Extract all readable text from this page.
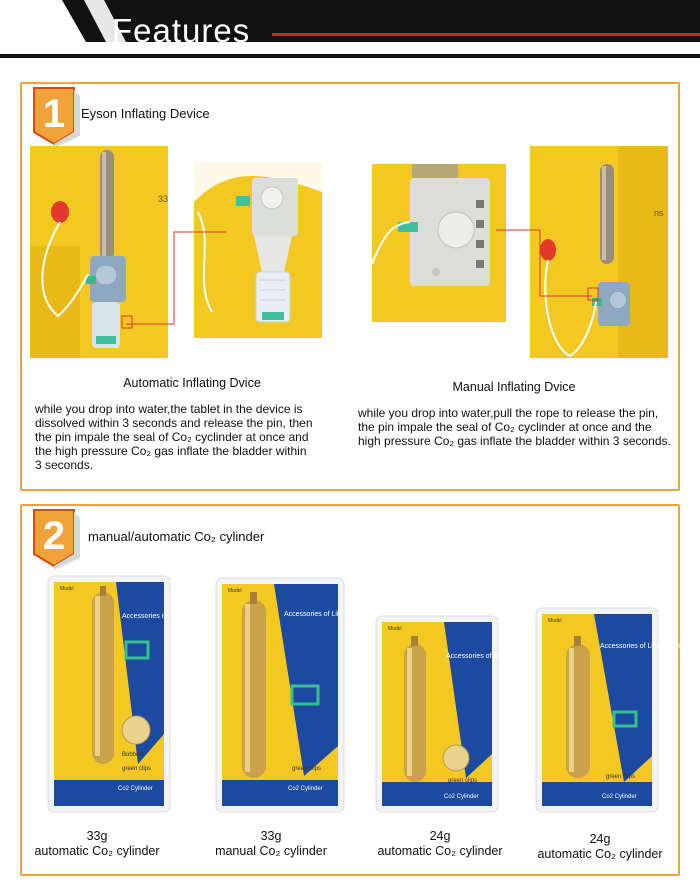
Features
1	Eyson Inflating Device
33
ns
Automatic Inflating Dvice	Manual Inflating Dvice
while you drop into water,the tablet in the device is
dissolved within 3 seconds and release the pin, then
the pin impale the seal of Co₂ cyclinder at once and
the high pressure Co₂ gas inflate the bladder within
3 seconds.
while you drop into water,pull the rope to release the pin,
the pin impale the seal of Co₂ cyclinder at once and the
high pressure Co₂ gas inflate the bladder within 3 seconds.
2	manual/automatic Co₂ cylinder
Accessories of Life Jacket
Model
Bobbins
green clips
Co2 Cylinder
Accessories of Life Jacket
Model
green clips
Co2 Cylinder
Accessories of Life Jacket
Model
green clips
Co2 Cylinder
Accessories of Life Jacket
Model
green clips
Co2 Cylinder
33g
automatic Co₂ cylinder
33g
manual Co₂ cylinder
24g
automatic Co₂ cylinder
24g
automatic Co₂ cylinder
